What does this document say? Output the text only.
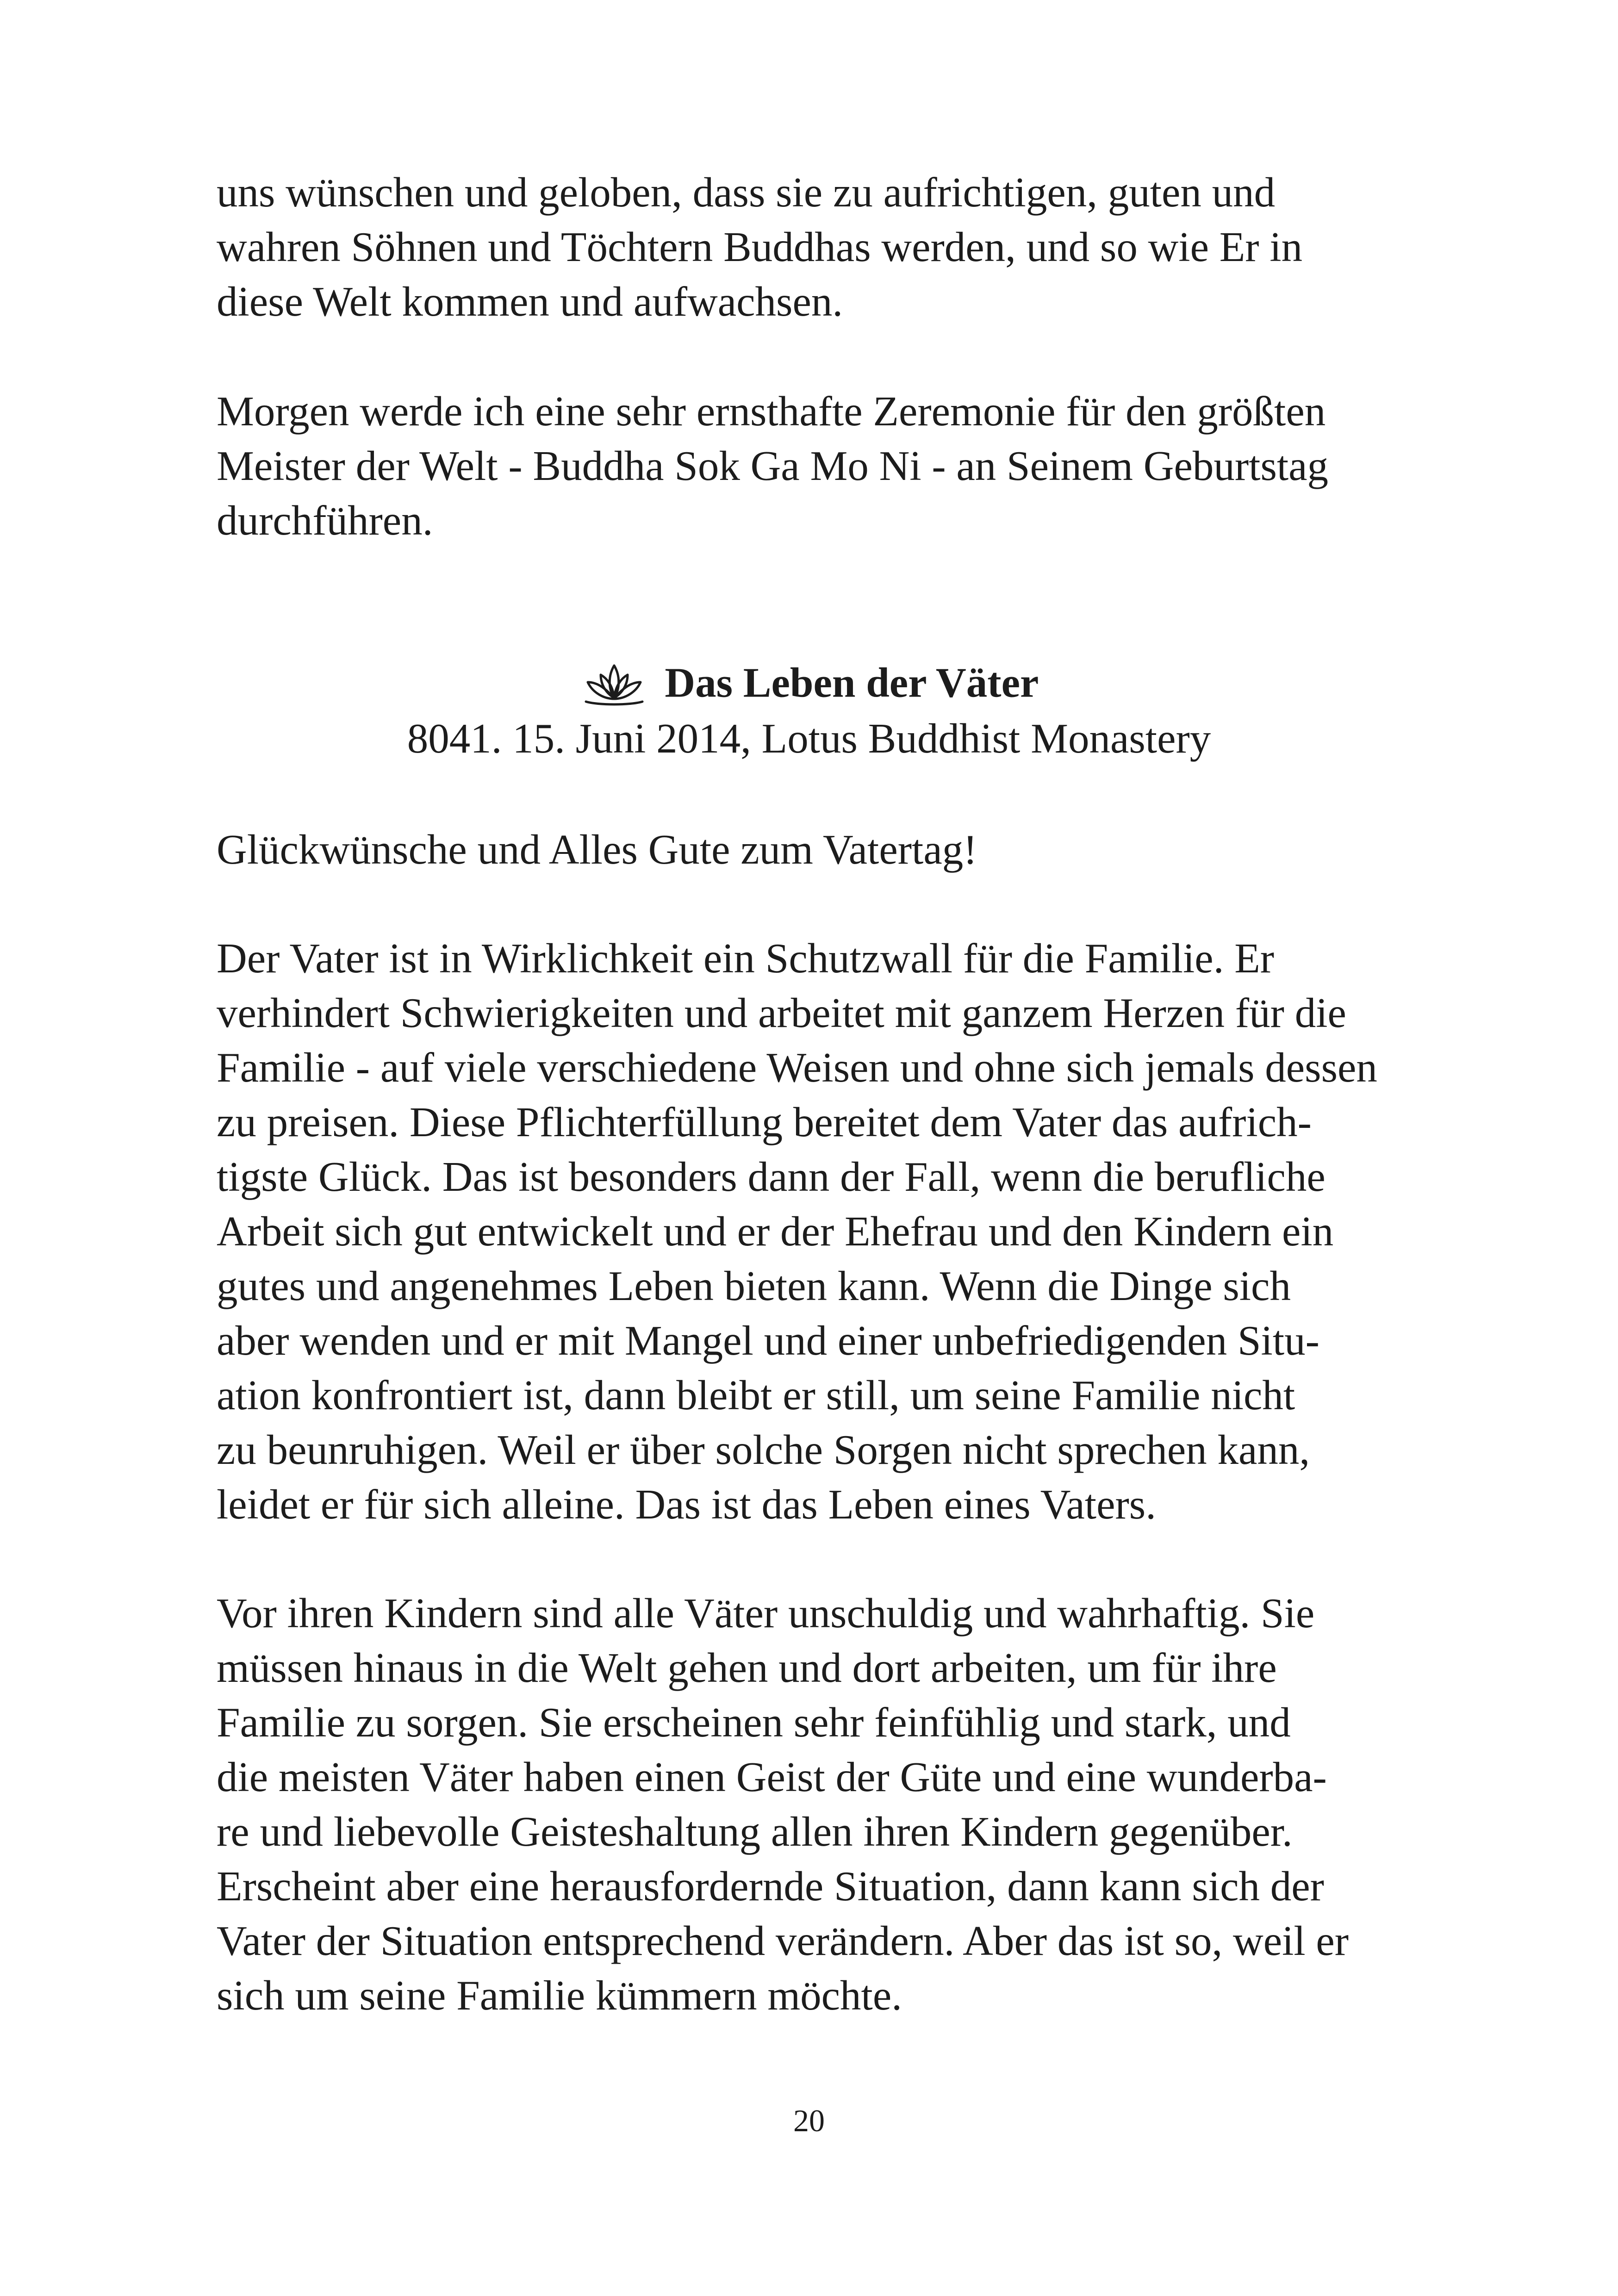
uns wünschen und geloben, dass sie zu aufrichtigen, guten und

wahren Söhnen und Töchtern Buddhas werden, und so wie Er in

diese Welt kommen und aufwachsen.

Morgen werde ich eine sehr ernsthafte Zeremonie für den größten

Meister der Welt - Buddha Sok Ga Mo Ni - an Seinem Geburtstag

durchführen.

Das Leben der Väter
8041. 15. Juni 2014, Lotus Buddhist Monastery

Glückwünsche und Alles Gute zum Vatertag!

Der Vater ist in Wirklichkeit ein Schutzwall für die Familie. Er

verhindert Schwierigkeiten und arbeitet mit ganzem Herzen für die

Familie - auf viele verschiedene Weisen und ohne sich jemals dessen

zu preisen. Diese Pflichterfüllung bereitet dem Vater das aufrich-

tigste Glück. Das ist besonders dann der Fall, wenn die berufliche

Arbeit sich gut entwickelt und er der Ehefrau und den Kindern ein

gutes und angenehmes Leben bieten kann. Wenn die Dinge sich

aber wenden und er mit Mangel und einer unbefriedigenden Situ-

ation konfrontiert ist, dann bleibt er still, um seine Familie nicht

zu beunruhigen. Weil er über solche Sorgen nicht sprechen kann,

leidet er für sich alleine. Das ist das Leben eines Vaters.

Vor ihren Kindern sind alle Väter unschuldig und wahrhaftig. Sie

müssen hinaus in die Welt gehen und dort arbeiten, um für ihre

Familie zu sorgen. Sie erscheinen sehr feinfühlig und stark, und

die meisten Väter haben einen Geist der Güte und eine wunderba-

re und liebevolle Geisteshaltung allen ihren Kindern gegenüber.

Erscheint aber eine herausfordernde Situation, dann kann sich der

Vater der Situation entsprechend verändern. Aber das ist so, weil er

sich um seine Familie kümmern möchte.

20
